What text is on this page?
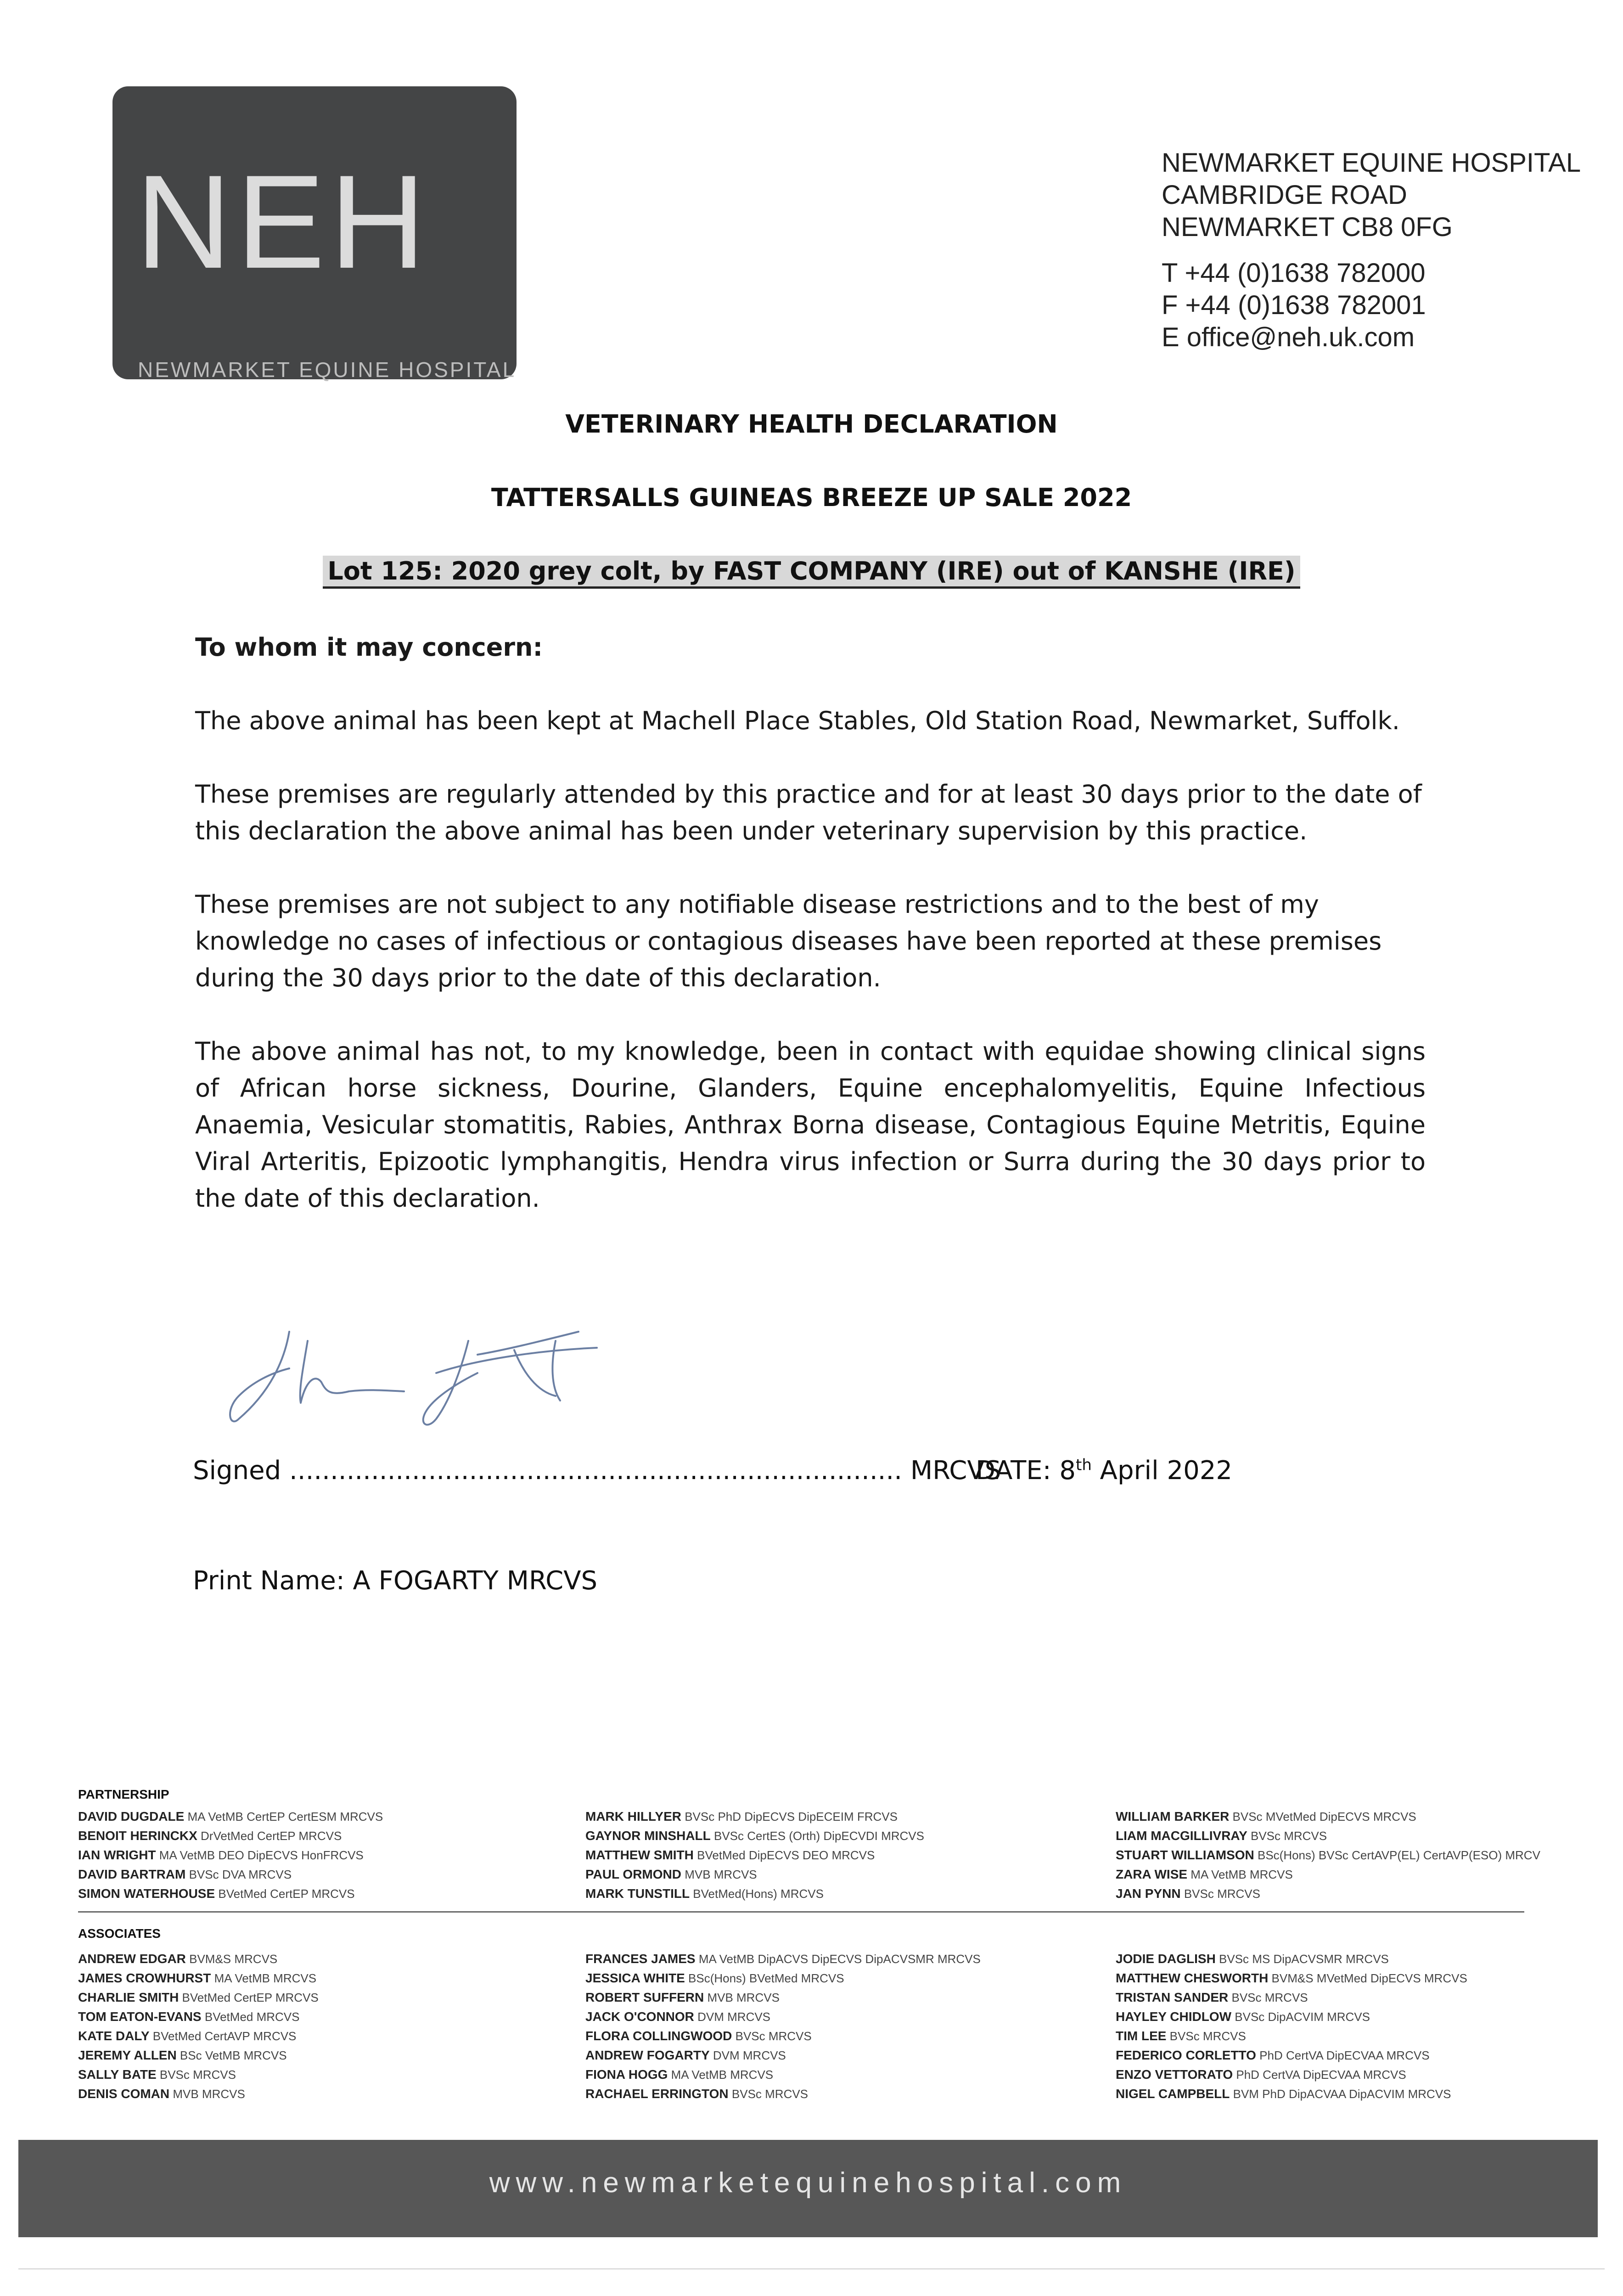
NEH
NEWMARKET EQUINE HOSPITAL
NEWMARKET EQUINE HOSPITAL
CAMBRIDGE ROAD
NEWMARKET CB8 0FG
T +44 (0)1638 782000
F +44 (0)1638 782001
E office@neh.uk.com
VETERINARY HEALTH DECLARATION
TATTERSALLS GUINEAS BREEZE UP SALE 2022
Lot 125: 2020 grey colt, by FAST COMPANY (IRE) out of KANSHE (IRE)
To whom it may concern:
The above animal has been kept at Machell Place Stables, Old Station Road, Newmarket, Suffolk.
These premises are regularly attended by this practice and for at least 30 days prior to the date of this declaration the above animal has been under veterinary supervision by this practice.
These premises are not subject to any notifiable disease restrictions and to the best of my knowledge no cases of infectious or contagious diseases have been reported at these premises during the 30 days prior to the date of this declaration.
The above animal has not, to my knowledge, been in contact with equidae showing clinical signs of African horse sickness, Dourine, Glanders, Equine encephalomyelitis, Equine Infectious Anaemia, Vesicular stomatitis, Rabies, Anthrax Borna disease, Contagious Equine Metritis, Equine Viral Arteritis, Epizootic lymphangitis, Hendra virus infection or Surra during the 30 days prior to the date of this declaration.
Signed ........................................................................... MRCVS
DATE: 8th April 2022
Print Name: A FOGARTY MRCVS
PARTNERSHIP
DAVID DUGDALE MA VetMB CertEP CertESM MRCVS
BENOIT HERINCKX DrVetMed CertEP MRCVS
IAN WRIGHT MA VetMB DEO DipECVS HonFRCVS
DAVID BARTRAM BVSc DVA MRCVS
SIMON WATERHOUSE BVetMed CertEP MRCVS
MARK HILLYER BVSc PhD DipECVS DipECEIM FRCVS
GAYNOR MINSHALL BVSc CertES (Orth) DipECVDI MRCVS
MATTHEW SMITH BVetMed DipECVS DEO MRCVS
PAUL ORMOND MVB MRCVS
MARK TUNSTILL BVetMed(Hons) MRCVS
WILLIAM BARKER BVSc MVetMed DipECVS MRCVS
LIAM MACGILLIVRAY BVSc MRCVS
STUART WILLIAMSON BSc(Hons) BVSc CertAVP(EL) CertAVP(ESO) MRCV
ZARA WISE MA VetMB MRCVS
JAN PYNN BVSc MRCVS
ASSOCIATES
ANDREW EDGAR BVM&S MRCVS
JAMES CROWHURST MA VetMB MRCVS
CHARLIE SMITH BVetMed CertEP MRCVS
TOM EATON-EVANS BVetMed MRCVS
KATE DALY BVetMed CertAVP MRCVS
JEREMY ALLEN BSc VetMB MRCVS
SALLY BATE BVSc MRCVS
DENIS COMAN MVB MRCVS
FRANCES JAMES MA VetMB DipACVS DipECVS DipACVSMR MRCVS
JESSICA WHITE BSc(Hons) BVetMed MRCVS
ROBERT SUFFERN MVB MRCVS
JACK O'CONNOR DVM MRCVS
FLORA COLLINGWOOD BVSc MRCVS
ANDREW FOGARTY DVM MRCVS
FIONA HOGG MA VetMB MRCVS
RACHAEL ERRINGTON BVSc MRCVS
JODIE DAGLISH BVSc MS DipACVSMR MRCVS
MATTHEW CHESWORTH BVM&S MVetMed DipECVS MRCVS
TRISTAN SANDER BVSc MRCVS
HAYLEY CHIDLOW BVSc DipACVIM MRCVS
TIM LEE BVSc MRCVS
FEDERICO CORLETTO PhD CertVA DipECVAA MRCVS
ENZO VETTORATO PhD CertVA DipECVAA MRCVS
NIGEL CAMPBELL BVM PhD DipACVAA DipACVIM MRCVS
www.newmarketequinehospital.com
